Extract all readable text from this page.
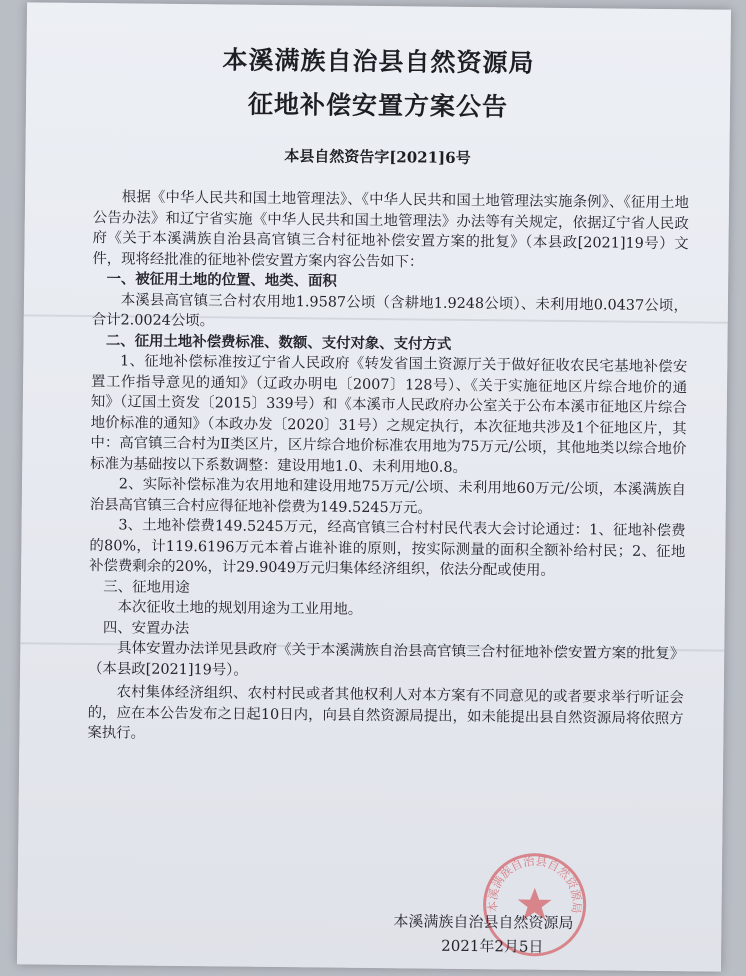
本溪满族自治县自然资源局
征地补偿安置方案公告
本县自然资告字[2021]6号

根据《中华人民共和国土地管理法》、《中华人民共和国土地管理法实施条例》、《征用土地公告办法》和辽宁省实施《中华人民共和国土地管理法》办法等有关规定，依据辽宁省人民政府《关于本溪满族自治县高官镇三合村征地补偿安置方案的批复》（本县政[2021]19号）文件，现将经批准的征地补偿安置方案内容公告如下：

一、被征用土地的位置、地类、面积

本溪县高官镇三合村农用地1.9587公顷（含耕地1.9248公顷）、未利用地0.0437公顷，合计2.0024公顷。

二、征用土地补偿费标准、数额、支付对象、支付方式

1、征地补偿标准按辽宁省人民政府《转发省国土资源厅关于做好征收农民宅基地补偿安置工作指导意见的通知》（辽政办明电〔2007〕128号）、《关于实施征地区片综合地价的通知》（辽国土资发〔2015〕339号）和《本溪市人民政府办公室关于公布本溪市征地区片综合地价标准的通知》（本政办发〔2020〕31号）之规定执行，本次征地共涉及1个征地区片，其中：高官镇三合村为Ⅱ类区片，区片综合地价标准农用地为75万元/公顷，其他地类以综合地价标准为基础按以下系数调整：建设用地1.0、未利用地0.8。

2、实际补偿标准为农用地和建设用地75万元/公顷、未利用地60万元/公顷，本溪满族自治县高官镇三合村应得征地补偿费为149.5245万元。

3、土地补偿费149.5245万元，经高官镇三合村村民代表大会讨论通过：1、征地补偿费的80%，计119.6196万元本着占谁补谁的原则，按实际测量的面积全额补给村民；2、征地补偿费剩余的20%，计29.9049万元归集体经济组织，依法分配或使用。

三、征地用途

本次征收土地的规划用途为工业用地。

四、安置办法

具体安置办法详见县政府《关于本溪满族自治县高官镇三合村征地补偿安置方案的批复》（本县政[2021]19号）。

农村集体经济组织、农村村民或者其他权利人对本方案有不同意见的或者要求举行听证会的，应在本公告发布之日起10日内，向县自然资源局提出，如未能提出县自然资源局将依照方案执行。

本溪满族自治县自然资源局
本溪满族自治县自然资源局
2021年2月5日
